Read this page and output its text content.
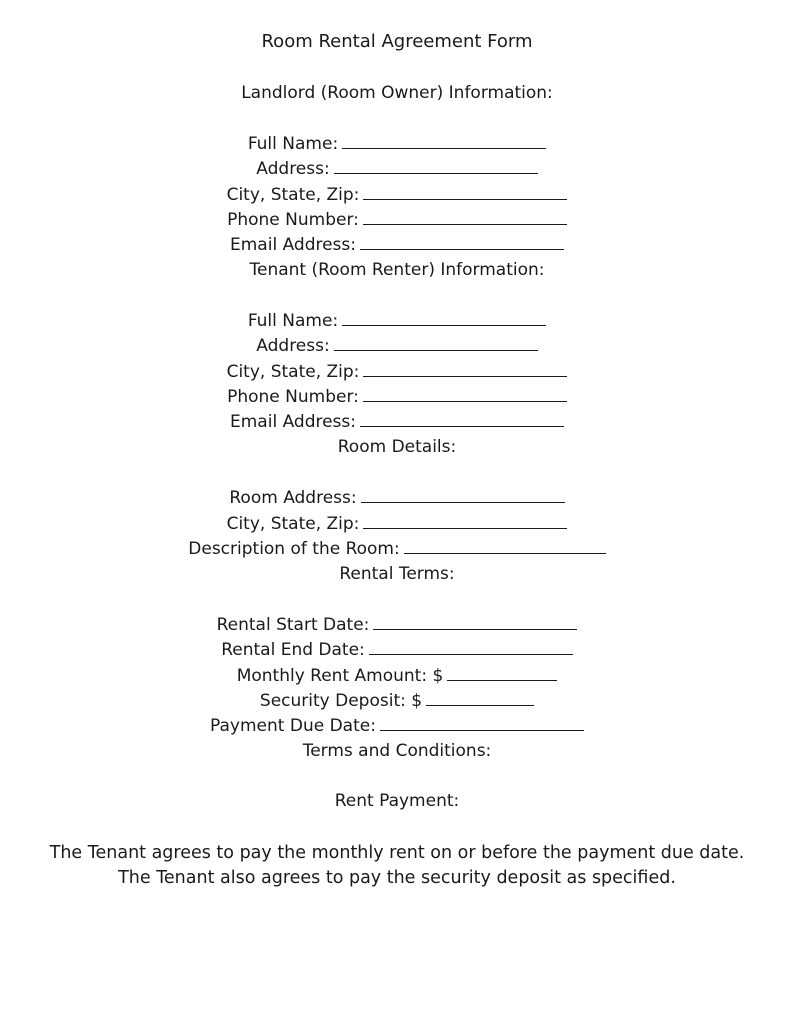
Room Rental Agreement Form
Landlord (Room Owner) Information:
Full Name:
Address:
City, State, Zip:
Phone Number:
Email Address:
Tenant (Room Renter) Information:
Full Name:
Address:
City, State, Zip:
Phone Number:
Email Address:
Room Details:
Room Address:
City, State, Zip:
Description of the Room:
Rental Terms:
Rental Start Date:
Rental End Date:
Monthly Rent Amount: $
Security Deposit: $
Payment Due Date:
Terms and Conditions:
Rent Payment:
The Tenant agrees to pay the monthly rent on or before the payment due date.
The Tenant also agrees to pay the security deposit as specified.
